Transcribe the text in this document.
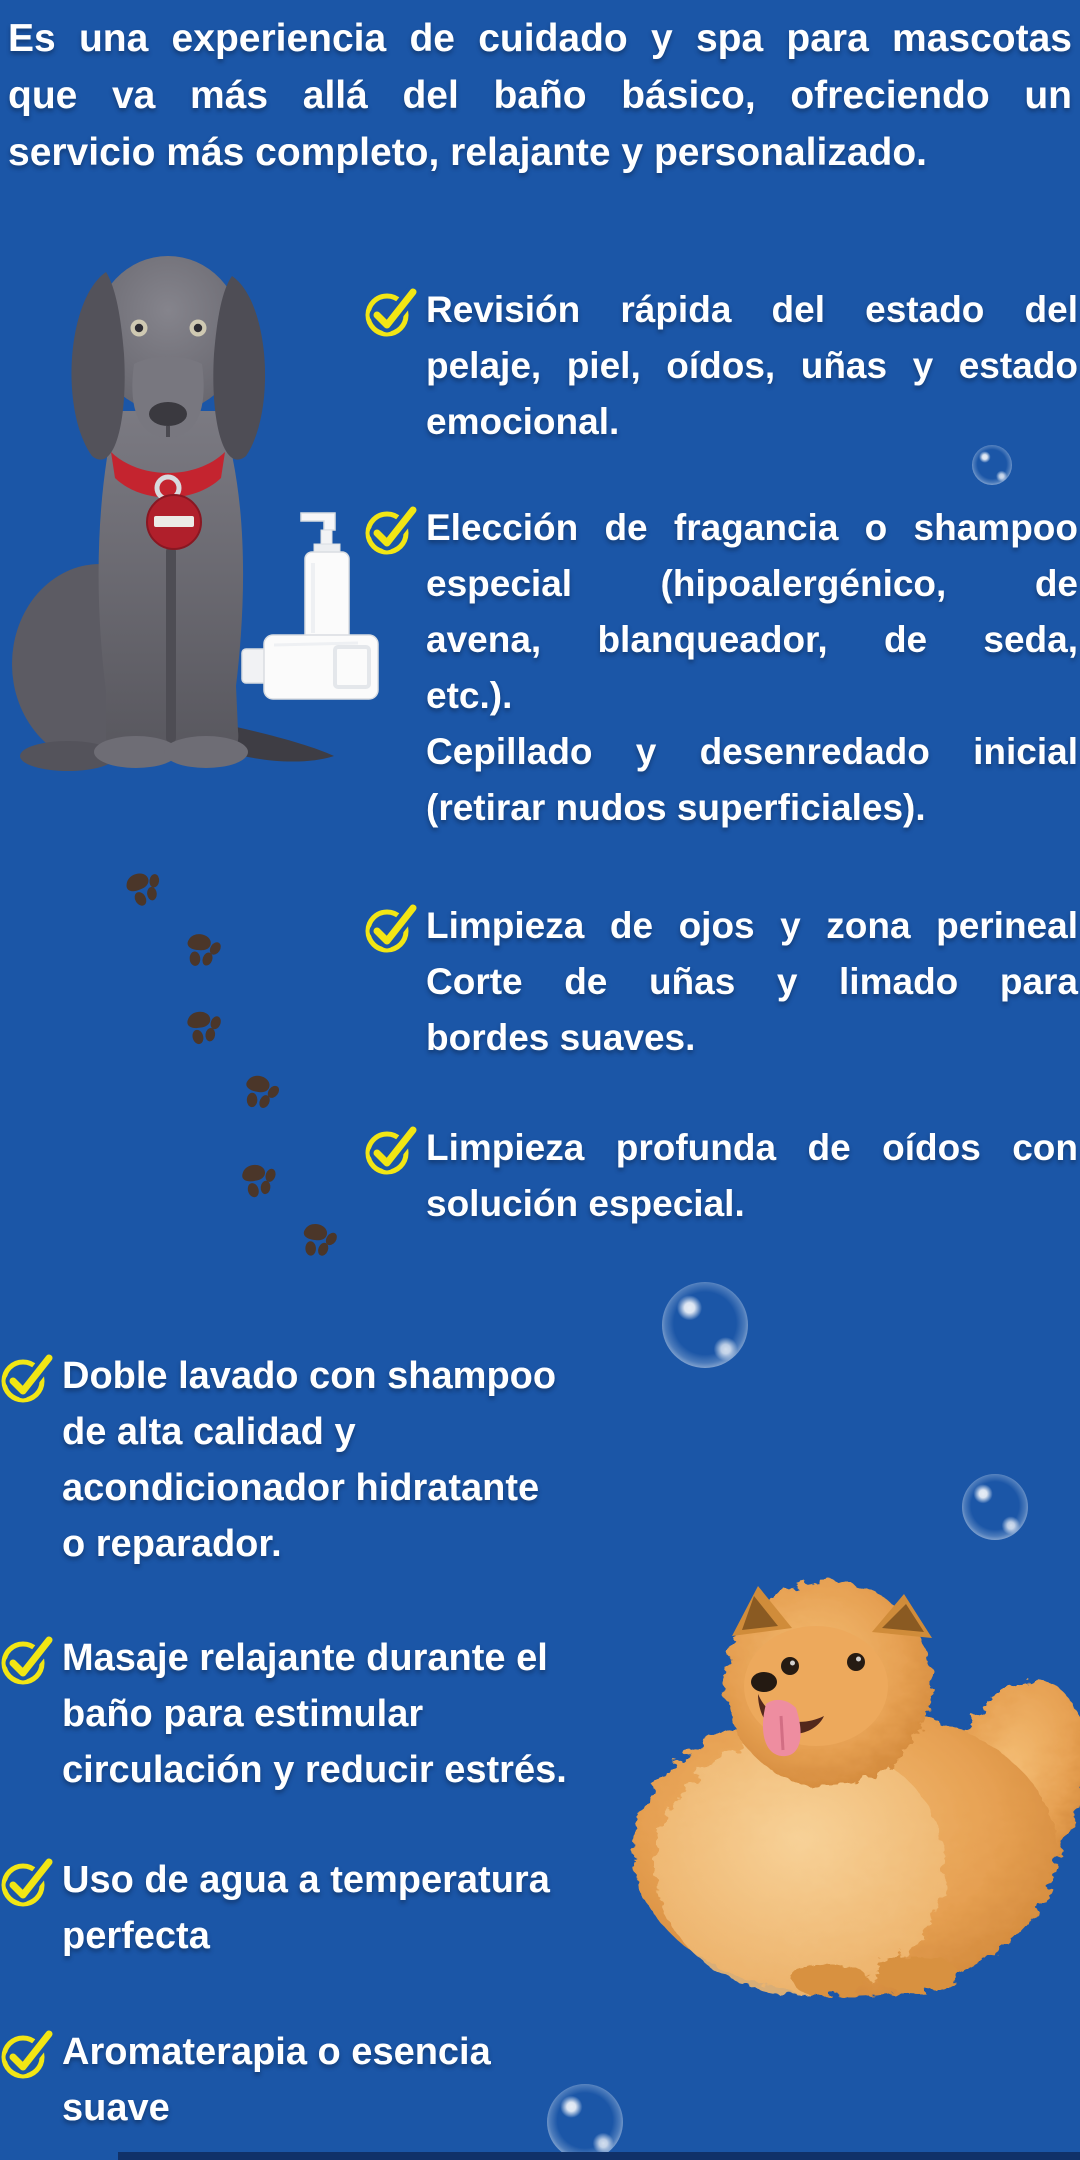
Es una experiencia de cuidado y spa para mascotas
que va más allá del baño básico, ofreciendo un
servicio más completo, relajante y personalizado.
Revisión rápida del estado del
pelaje, piel, oídos, uñas y estado
emocional.
Elección de fragancia o shampoo
especial (hipoalergénico, de
avena, blanqueador, de seda,
etc.).
Cepillado y desenredado inicial
(retirar nudos superficiales).
Limpieza de ojos y zona perineal
Corte de uñas y limado para
bordes suaves.
Limpieza profunda de oídos con
solución especial.
Doble lavado con shampoo
de alta calidad y
acondicionador hidratante
o reparador.
Masaje relajante durante el
baño para estimular
circulación y reducir estrés.
Uso de agua a temperatura
perfecta
Aromaterapia o esencia
suave
